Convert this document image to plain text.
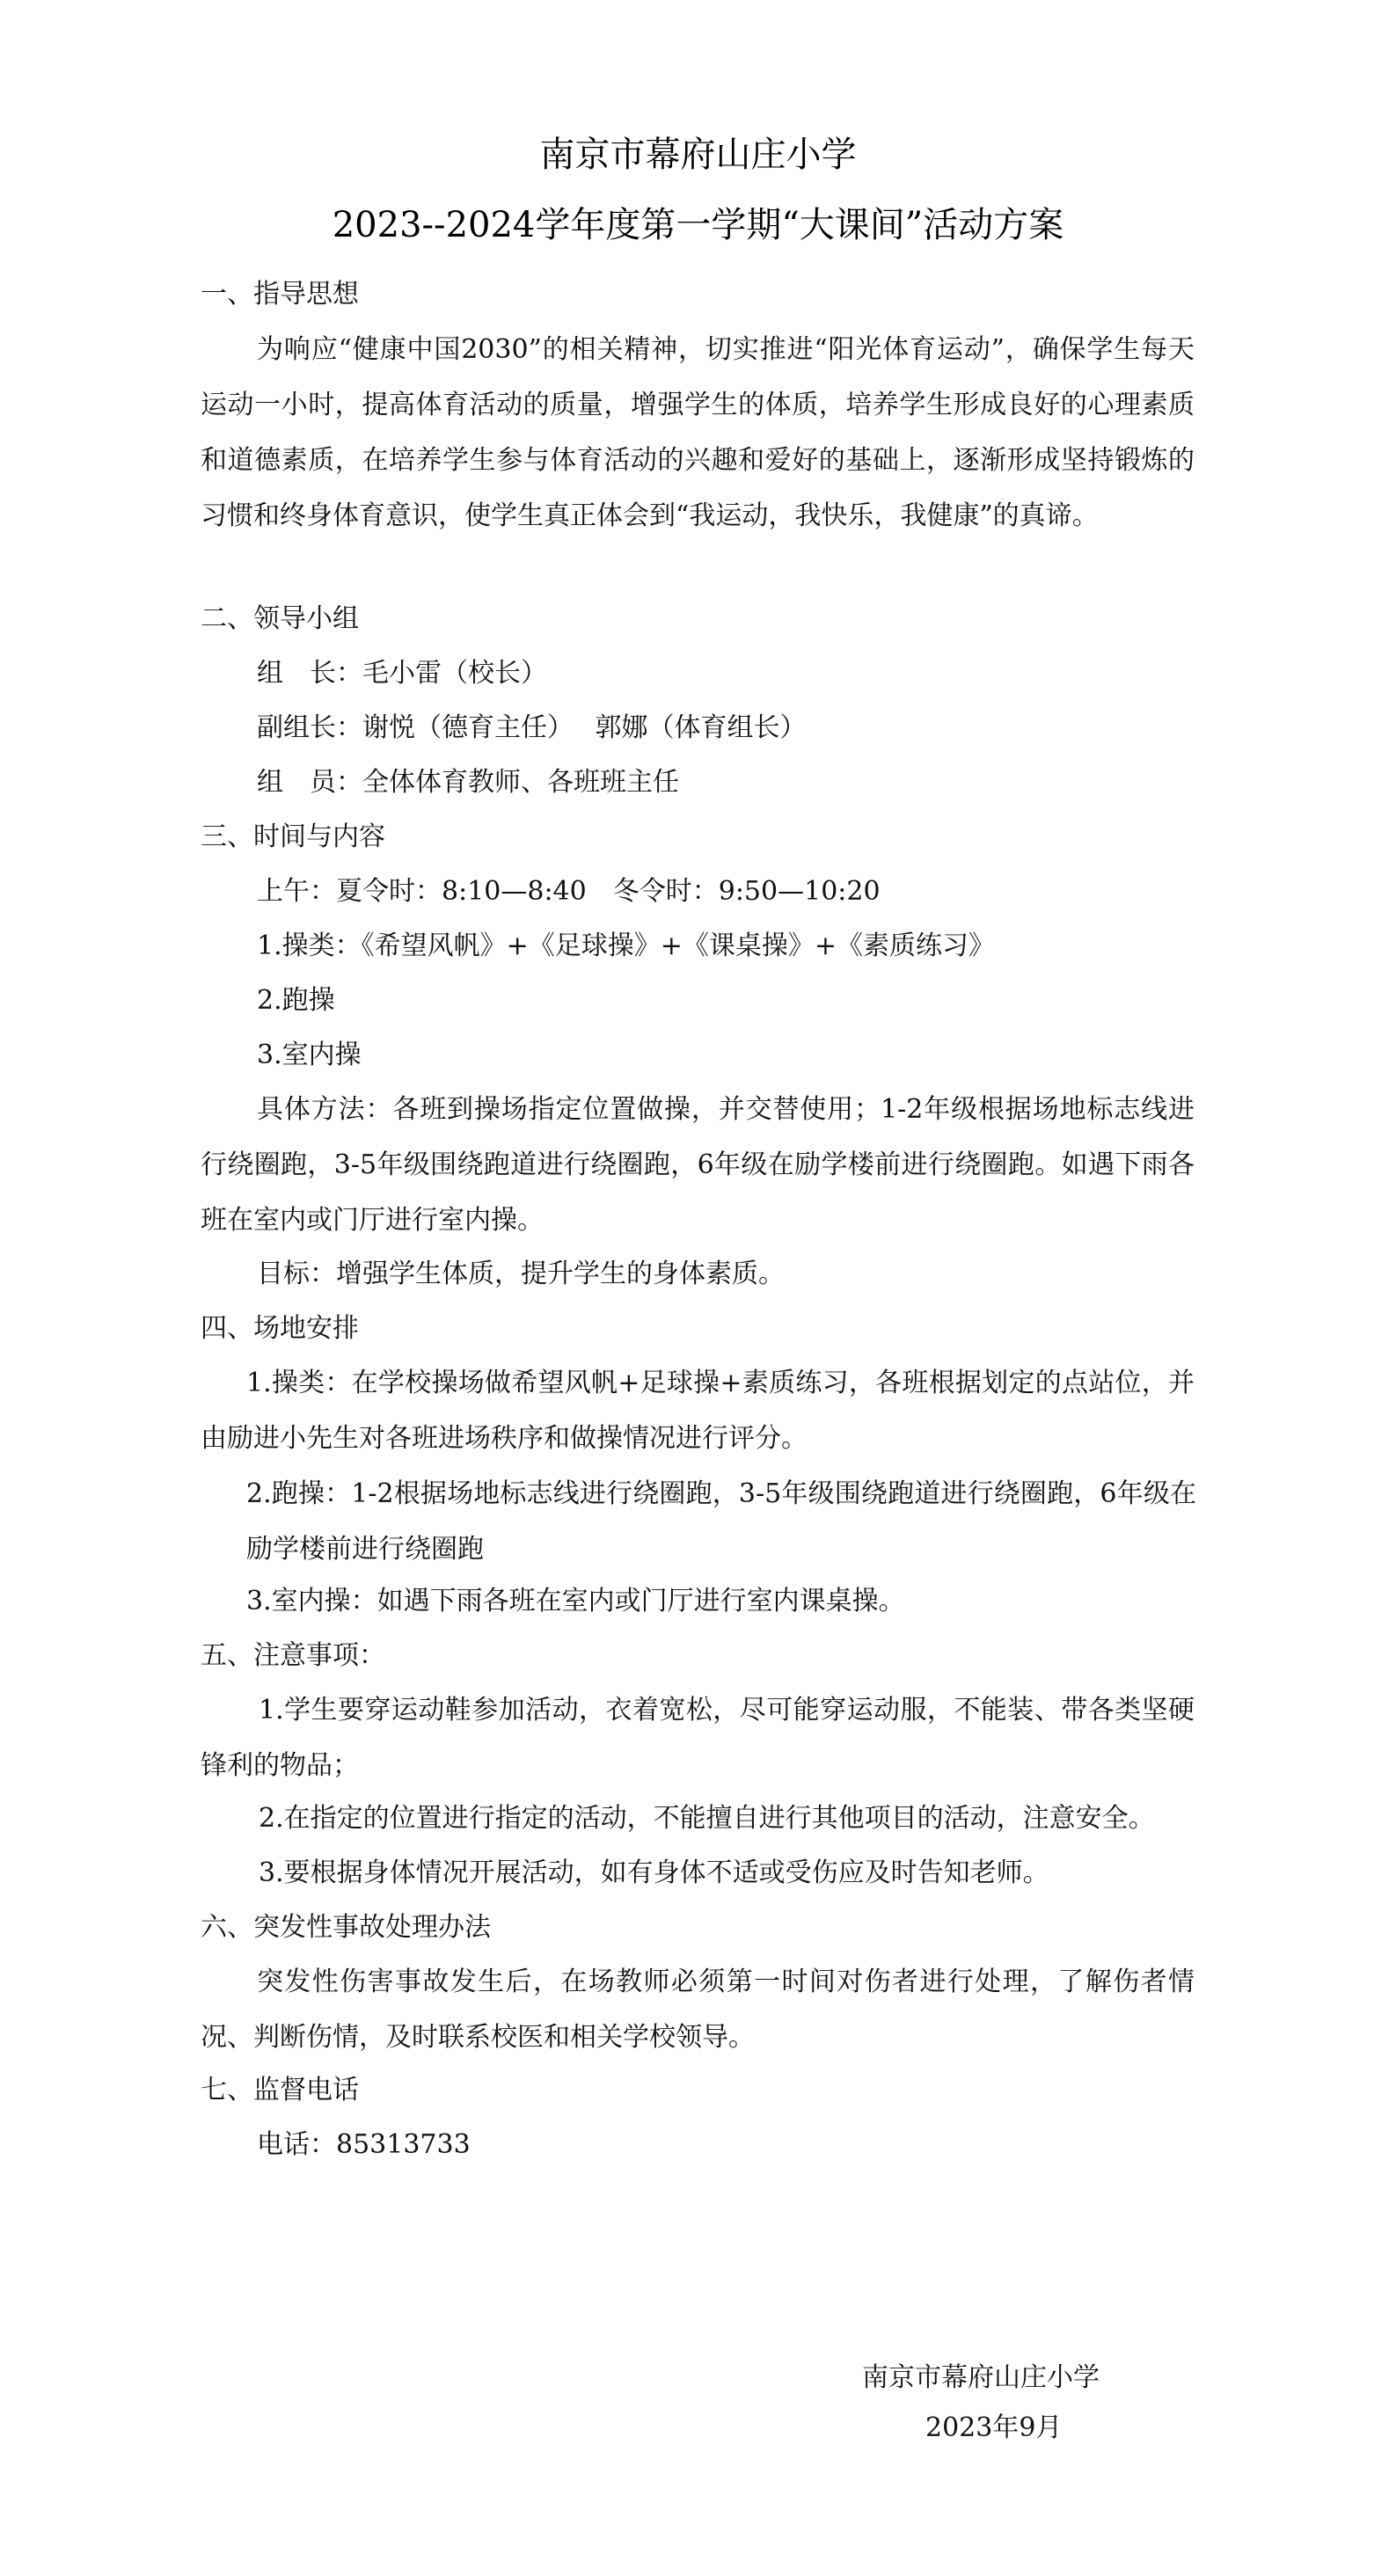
南京市幕府山庄小学
2023--2024学年度第一学期“大课间”活动方案
一、指导思想
为响应“健康中国2030”的相关精神，切实推进“阳光体育运动”，确保学生每天运动一小时，提高体育活动的质量，增强学生的体质，培养学生形成良好的心理素质和道德素质，在培养学生参与体育活动的兴趣和爱好的基础上，逐渐形成坚持锻炼的习惯和终身体育意识，使学生真正体会到“我运动，我快乐，我健康”的真谛。
二、领导小组
组　长：毛小雷（校长）
副组长：谢悦（德育主任）　 郭娜（体育组长）
组　员：全体体育教师、各班班主任
三、时间与内容
上午：夏令时：8:10—8:40　冬令时：9:50—10:20
1.操类：《希望风帆》+《足球操》+《课桌操》+《素质练习》
2.跑操
3.室内操
具体方法：各班到操场指定位置做操，并交替使用；1-2年级根据场地标志线进行绕圈跑，3-5年级围绕跑道进行绕圈跑，6年级在励学楼前进行绕圈跑。如遇下雨各班在室内或门厅进行室内操。
目标：增强学生体质，提升学生的身体素质。
四、场地安排
1.操类：在学校操场做希望风帆+足球操+素质练习，各班根据划定的点站位，并由励进小先生对各班进场秩序和做操情况进行评分。
2.跑操：1-2根据场地标志线进行绕圈跑，3-5年级围绕跑道进行绕圈跑，6年级在励学楼前进行绕圈跑
3.室内操：如遇下雨各班在室内或门厅进行室内课桌操。
五、注意事项：
1.学生要穿运动鞋参加活动，衣着宽松，尽可能穿运动服，不能装、带各类坚硬锋利的物品；
2.在指定的位置进行指定的活动，不能擅自进行其他项目的活动，注意安全。
3.要根据身体情况开展活动，如有身体不适或受伤应及时告知老师。
六、突发性事故处理办法
突发性伤害事故发生后，在场教师必须第一时间对伤者进行处理，了解伤者情况、判断伤情，及时联系校医和相关学校领导。
七、监督电话
电话：85313733
南京市幕府山庄小学
2023年9月
